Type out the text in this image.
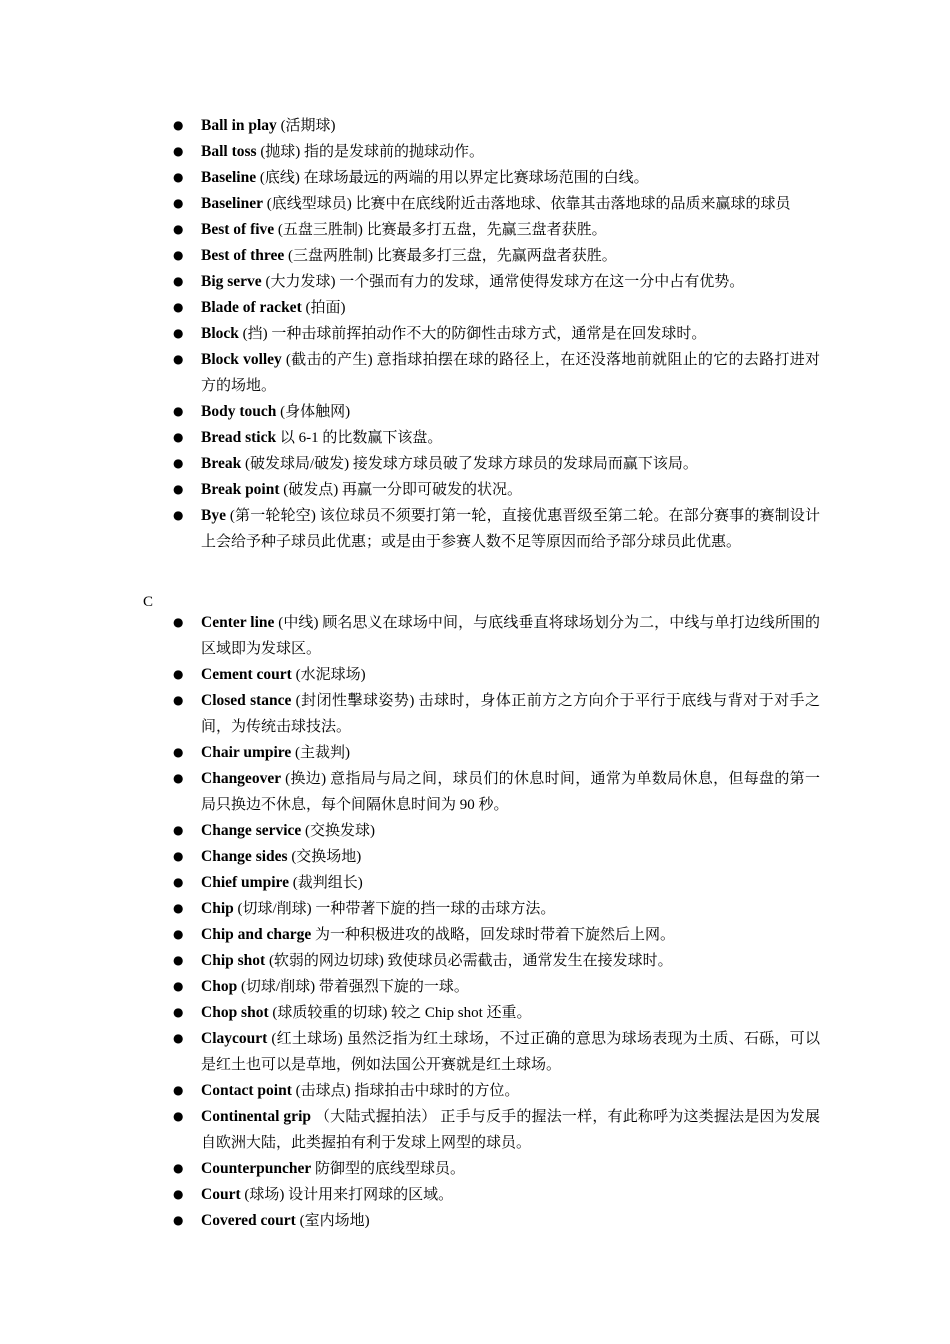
● Ball in play (活期球)
● Ball toss (抛球) 指的是发球前的抛球动作。
● Baseline (底线) 在球场最远的两端的用以界定比赛球场范围的白线。
● Baseliner (底线型球员) 比赛中在底线附近击落地球、依靠其击落地球的品质来赢球的球员
● Best of five (五盘三胜制) 比赛最多打五盘，先赢三盘者获胜。
● Best of three (三盘两胜制) 比赛最多打三盘，先赢两盘者获胜。
● Big serve (大力发球) 一个强而有力的发球，通常使得发球方在这一分中占有优势。
● Blade of racket (拍面)
● Block (挡) 一种击球前挥拍动作不大的防御性击球方式，通常是在回发球时。
● Block volley (截击的产生) 意指球拍摆在球的路径上，在还没落地前就阻止的它的去路打进对方的场地。
● Body touch (身体触网)
● Bread stick 以 6-1 的比数赢下该盘。
● Break (破发球局/破发) 接发球方球员破了发球方球员的发球局而赢下该局。
● Break point (破发点) 再赢一分即可破发的状况。
● Bye (第一轮轮空) 该位球员不须要打第一轮，直接优惠晋级至第二轮。在部分赛事的赛制设计上会给予种子球员此优惠；或是由于参赛人数不足等原因而给予部分球员此优惠。
C
● Center line (中线) 顾名思义在球场中间，与底线垂直将球场划分为二，中线与单打边线所围的区域即为发球区。
● Cement court (水泥球场)
● Closed stance (封闭性擊球姿势) 击球时，身体正前方之方向介于平行于底线与背对于对手之间，为传统击球技法。
● Chair umpire (主裁判)
● Changeover (换边) 意指局与局之间，球员们的休息时间，通常为单数局休息，但每盘的第一局只换边不休息，每个间隔休息时间为 90 秒。
● Change service (交换发球)
● Change sides (交换场地)
● Chief umpire (裁判组长)
● Chip (切球/削球) 一种带著下旋的挡一球的击球方法。
● Chip and charge 为一种积极进攻的战略，回发球时带着下旋然后上网。
● Chip shot (软弱的网边切球) 致使球员必需截击，通常发生在接发球时。
● Chop (切球/削球) 带着强烈下旋的一球。
● Chop shot (球质较重的切球) 较之 Chip shot 还重。
● Claycourt (红土球场) 虽然泛指为红土球场，不过正确的意思为球场表现为土质、石砾，可以是红土也可以是草地，例如法国公开赛就是红土球场。
● Contact point (击球点) 指球拍击中球时的方位。
● Continental grip （大陆式握拍法） 正手与反手的握法一样，有此称呼为这类握法是因为发展自欧洲大陆，此类握拍有利于发球上网型的球员。
● Counterpuncher 防御型的底线型球员。
● Court (球场) 设计用来打网球的区域。
● Covered court (室内场地)
